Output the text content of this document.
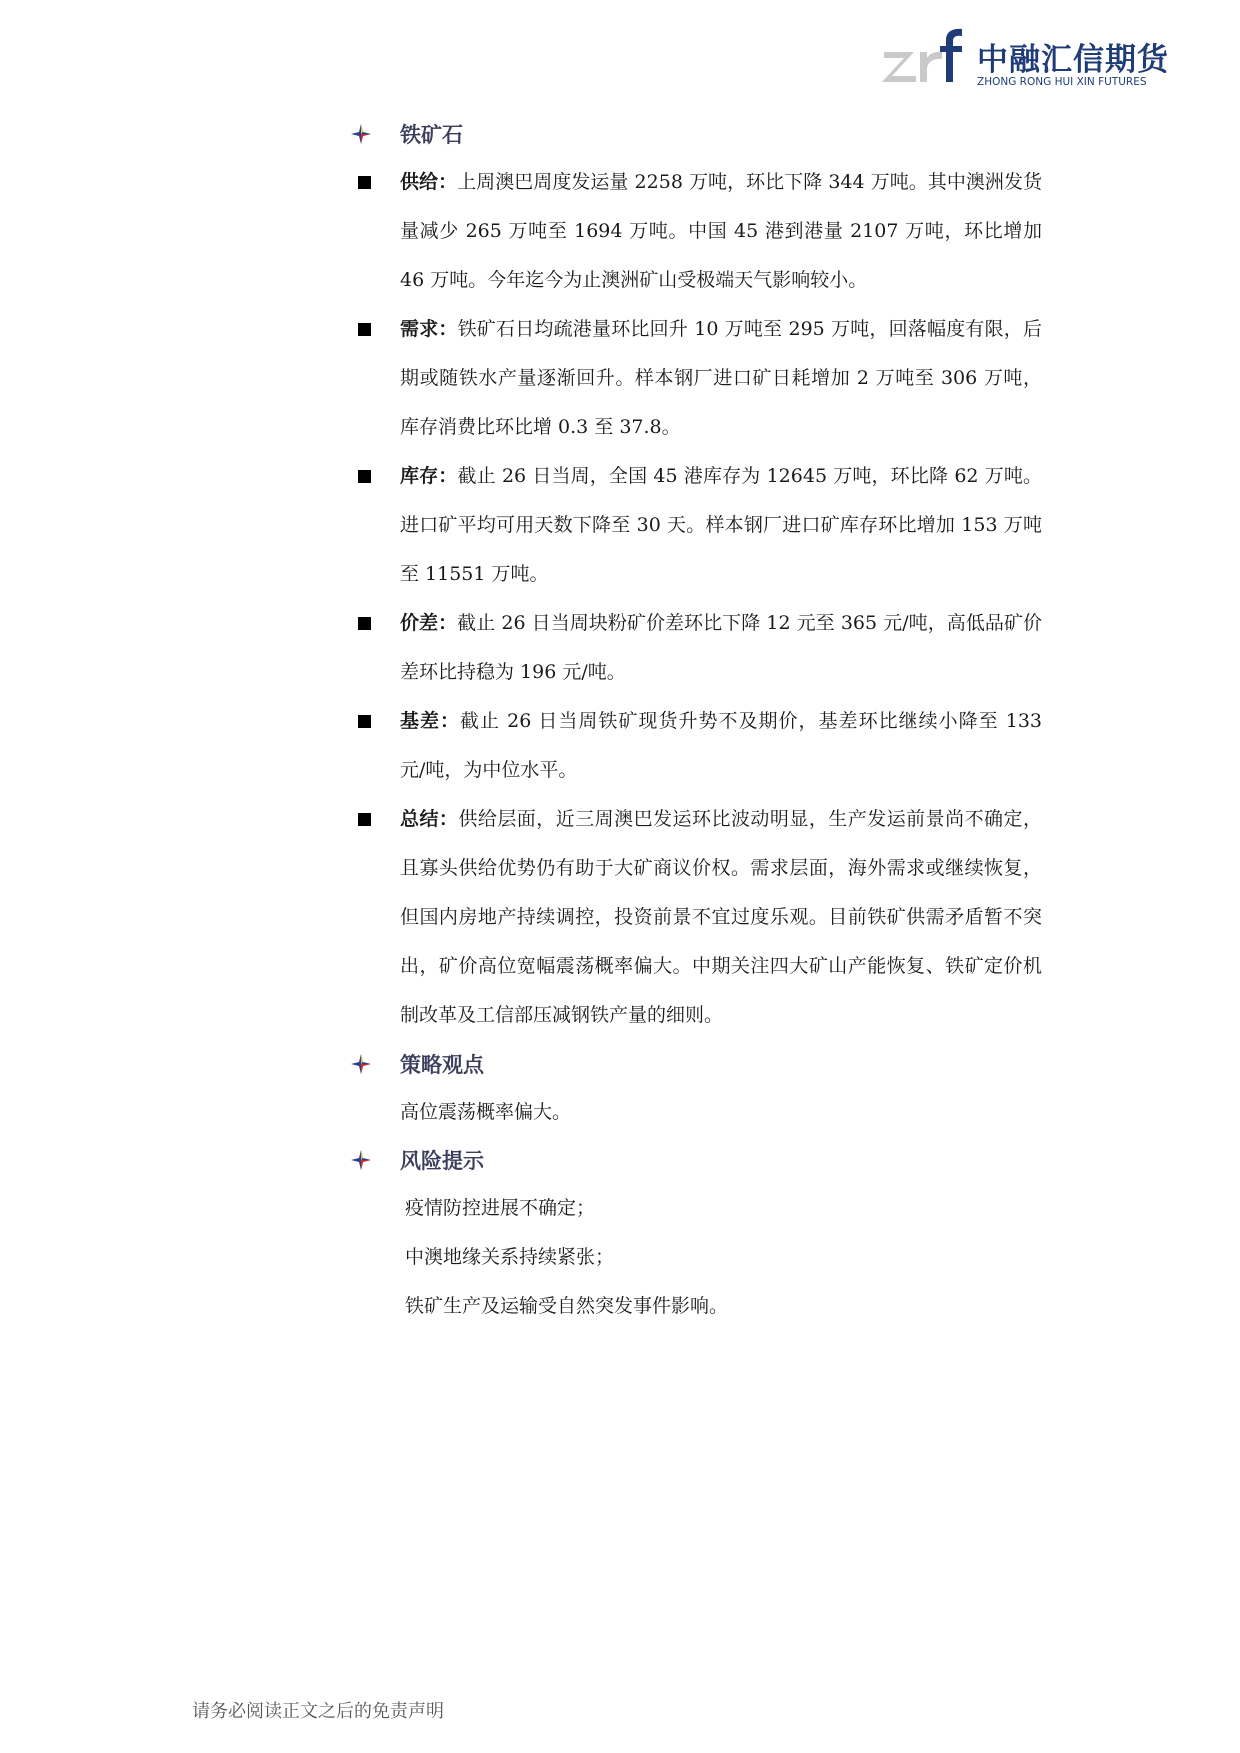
中融汇信期货
ZHONG RONG HUI XIN FUTURES
铁矿石
供给：上周澳巴周度发运量 2258 万吨，环比下降 344 万吨。其中澳洲发货量减少 265 万吨至 1694 万吨。中国 45 港到港量 2107 万吨，环比增加 46 万吨。今年迄今为止澳洲矿山受极端天气影响较小。
需求：铁矿石日均疏港量环比回升 10 万吨至 295 万吨，回落幅度有限，后期或随铁水产量逐渐回升。样本钢厂进口矿日耗增加 2 万吨至 306 万吨，库存消费比环比增 0.3 至 37.8。
库存：截止 26 日当周，全国 45 港库存为 12645 万吨，环比降 62 万吨。进口矿平均可用天数下降至 30 天。样本钢厂进口矿库存环比增加 153 万吨至 11551 万吨。
价差：截止 26 日当周块粉矿价差环比下降 12 元至 365 元/吨，高低品矿价差环比持稳为 196 元/吨。
基差：截止 26 日当周铁矿现货升势不及期价，基差环比继续小降至 133 元/吨，为中位水平。
总结：供给层面，近三周澳巴发运环比波动明显，生产发运前景尚不确定，且寡头供给优势仍有助于大矿商议价权。需求层面，海外需求或继续恢复，但国内房地产持续调控，投资前景不宜过度乐观。目前铁矿供需矛盾暂不突出，矿价高位宽幅震荡概率偏大。中期关注四大矿山产能恢复、铁矿定价机制改革及工信部压减钢铁产量的细则。
策略观点
高位震荡概率偏大。
风险提示
疫情防控进展不确定；
中澳地缘关系持续紧张；
铁矿生产及运输受自然突发事件影响。
请务必阅读正文之后的免责声明
